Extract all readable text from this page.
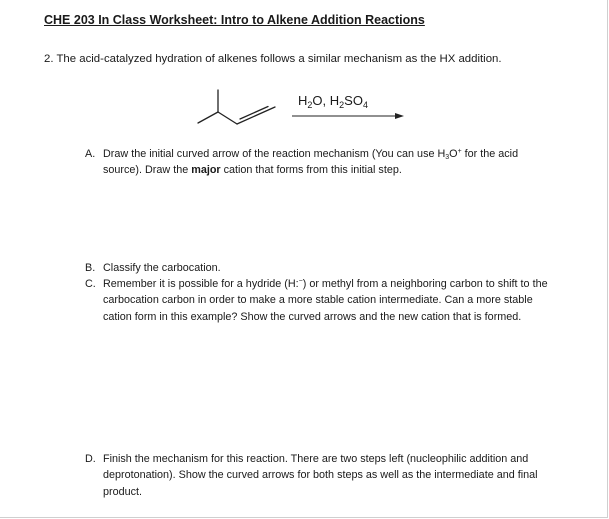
CHE 203 In Class Worksheet: Intro to Alkene Addition Reactions
2. The acid-catalyzed hydration of alkenes follows a similar mechanism as the HX addition.
$H_2O$, $H_2SO_4$
A. Draw the initial curved arrow of the reaction mechanism (You can use H3O+ for the acid source). Draw the major cation that forms from this initial step.
B. Classify the carbocation.
C. Remember it is possible for a hydride (H:−) or methyl from a neighboring carbon to shift to the carbocation carbon in order to make a more stable cation intermediate. Can a more stable cation form in this example? Show the curved arrows and the new cation that is formed.
D. Finish the mechanism for this reaction. There are two steps left (nucleophilic addition and deprotonation). Show the curved arrows for both steps as well as the intermediate and final product.
